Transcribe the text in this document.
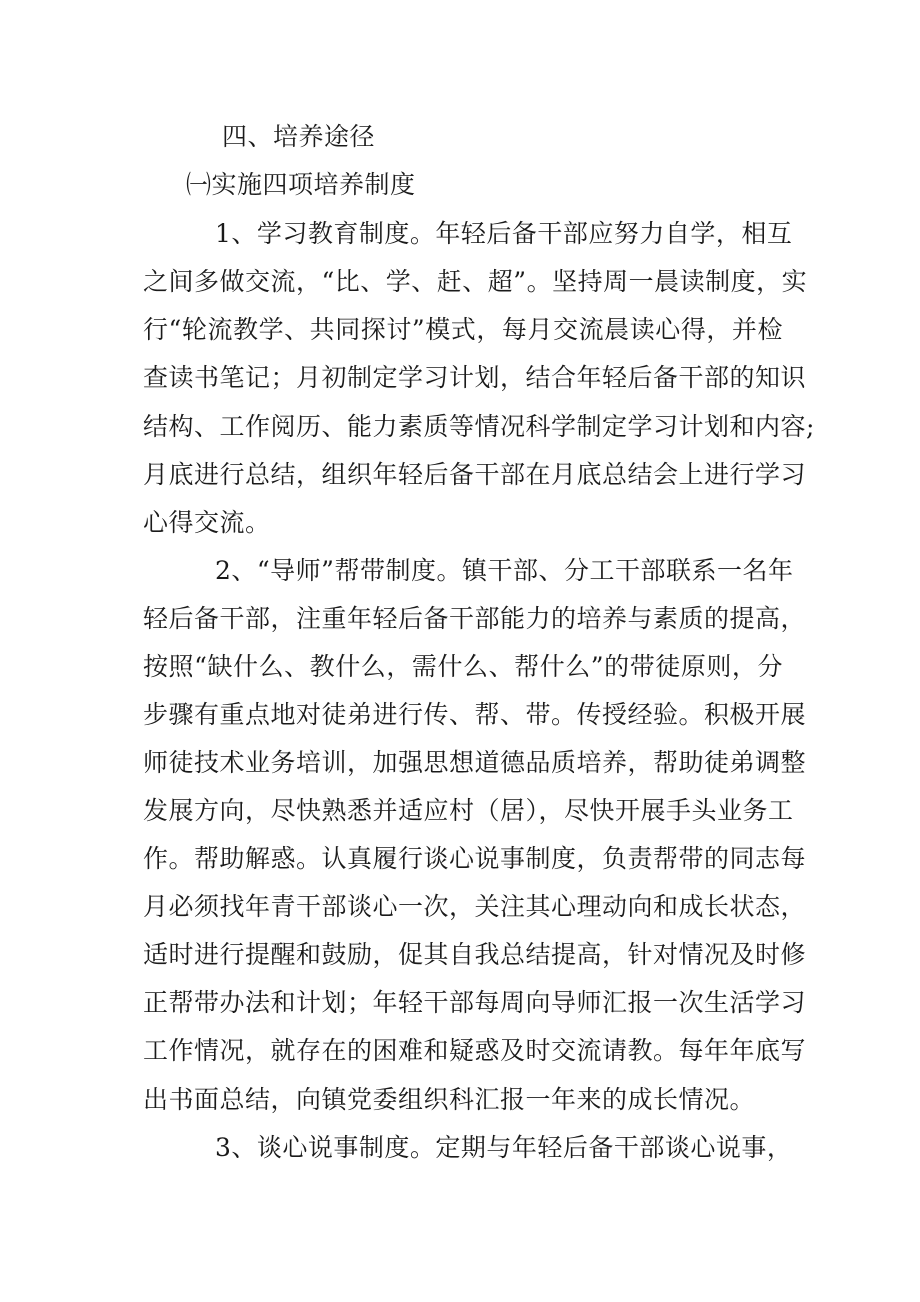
四、培养途径
㈠实施四项培养制度
1、学习教育制度。年轻后备干部应努力自学，相互
之间多做交流，“比、学、赶、超”。坚持周一晨读制度，实
行“轮流教学、共同探讨”模式，每月交流晨读心得，并检
查读书笔记；月初制定学习计划，结合年轻后备干部的知识
结构、工作阅历、能力素质等情况科学制定学习计划和内容;
月底进行总结，组织年轻后备干部在月底总结会上进行学习
心得交流。
2、“导师”帮带制度。镇干部、分工干部联系一名年
轻后备干部，注重年轻后备干部能力的培养与素质的提高，
按照“缺什么、教什么，需什么、帮什么”的带徒原则，分
步骤有重点地对徒弟进行传、帮、带。传授经验。积极开展
师徒技术业务培训，加强思想道德品质培养，帮助徒弟调整
发展方向，尽快熟悉并适应村（居），尽快开展手头业务工
作。帮助解惑。认真履行谈心说事制度，负责帮带的同志每
月必须找年青干部谈心一次，关注其心理动向和成长状态，
适时进行提醒和鼓励，促其自我总结提高，针对情况及时修
正帮带办法和计划；年轻干部每周向导师汇报一次生活学习
工作情况，就存在的困难和疑惑及时交流请教。每年年底写
出书面总结，向镇党委组织科汇报一年来的成长情况。
3、谈心说事制度。定期与年轻后备干部谈心说事，
